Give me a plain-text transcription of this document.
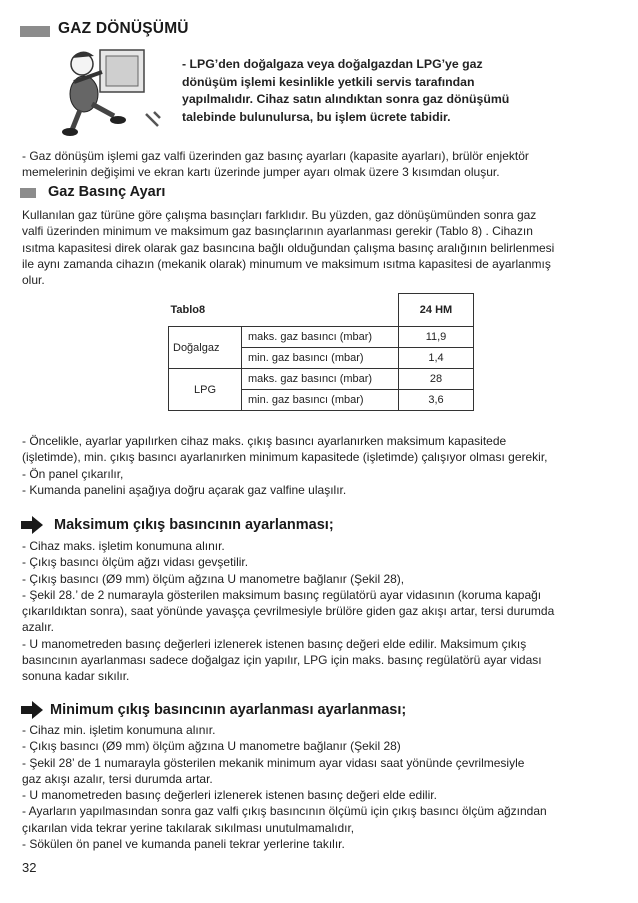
GAZ DÖNÜŞÜMÜ
- LPG’den doğalgaza veya doğalgazdan LPG’ye gaz
dönüşüm işlemi kesinlikle yetkili servis tarafından
yapılmalıdır. Cihaz satın alındıktan sonra gaz dönüşümü
talebinde bulunulursa, bu işlem ücrete tabidir.
- Gaz dönüşüm işlemi gaz valfi üzerinden gaz basınç ayarları (kapasite ayarları), brülör enjektör
memelerinin değişimi ve ekran kartı üzerinde jumper ayarı olmak üzere 3 kısımdan oluşur.
Gaz Basınç Ayarı
Kullanılan gaz türüne göre çalışma basınçları farklıdır. Bu yüzden, gaz dönüşümünden sonra gaz
valfi üzerinden minimum ve maksimum gaz basınçlarının ayarlanması gerekir (Tablo 8) . Cihazın
ısıtma kapasitesi direk olarak gaz basıncına bağlı olduğundan çalışma basınç aralığının belirlenmesi
ile aynı zamanda cihazın (mekanik olarak) minumum ve maksimum ısıtma kapasitesi de ayarlanmış
olur.
Tablo8		24 HM
Doğalgaz	maks. gaz basıncı (mbar)	11,9
	min. gaz basıncı (mbar)	1,4
LPG	maks. gaz basıncı (mbar)	28
	min. gaz basıncı (mbar)	3,6
- Öncelikle, ayarlar yapılırken cihaz maks. çıkış basıncı ayarlanırken maksimum kapasitede
(işletimde), min. çıkış basıncı ayarlanırken minimum kapasitede (işletimde) çalışıyor olması gerekir,
- Ön panel çıkarılır,
- Kumanda panelini aşağıya doğru açarak gaz valfine ulaşılır.
Maksimum çıkış basıncının ayarlanması;
- Cihaz maks. işletim konumuna alınır.
- Çıkış basıncı ölçüm ağzı vidası gevşetilir.
- Çıkış basıncı (Ø9 mm) ölçüm ağzına U manometre bağlanır (Şekil 28),
- Şekil 28.’ de 2 numarayla gösterilen maksimum basınç regülatörü ayar vidasının (koruma kapağı
çıkarıldıktan sonra), saat yönünde yavaşça çevrilmesiyle brülöre giden gaz akışı artar, tersi durumda
azalır.
- U manometreden basınç değerleri izlenerek istenen basınç değeri elde edilir. Maksimum çıkış
basıncının ayarlanması sadece doğalgaz için yapılır, LPG için maks. basınç regülatörü ayar vidası
sonuna kadar sıkılır.
Minimum çıkış basıncının ayarlanması ayarlanması;
- Cihaz min. işletim konumuna alınır.
- Çıkış basıncı (Ø9 mm) ölçüm ağzına U manometre bağlanır (Şekil 28)
- Şekil 28’ de 1 numarayla gösterilen mekanik minimum ayar vidası saat yönünde çevrilmesiyle
gaz akışı azalır, tersi durumda artar.
- U manometreden basınç değerleri izlenerek istenen basınç değeri elde edilir.
- Ayarların yapılmasından sonra gaz valfi çıkış basıncının ölçümü için çıkış basıncı ölçüm ağzından
çıkarılan vida tekrar yerine takılarak sıkılması unutulmamalıdır,
- Sökülen ön panel ve kumanda paneli tekrar yerlerine takılır.
32
